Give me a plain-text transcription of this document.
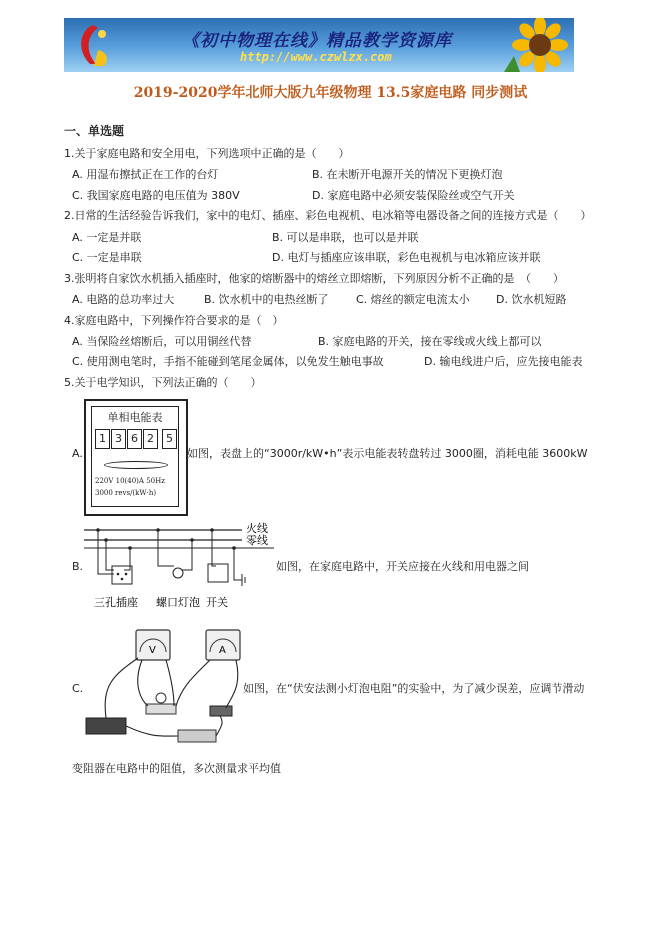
《初中物理在线》精品教学资源库
http://www.czwlzx.com
2019-2020学年北师大版九年级物理 13.5家庭电路 同步测试
一、单选题
1.关于家庭电路和安全用电，下列选项中正确的是（　　）
A. 用湿布擦拭正在工作的台灯	B. 在未断开电源开关的情况下更换灯泡
C. 我国家庭电路的电压值为 380V	D. 家庭电路中必须安装保险丝或空气开关
2.日常的生活经验告诉我们，家中的电灯、插座、彩色电视机、电冰箱等电器设备之间的连接方式是（　　）
A. 一定是并联	B. 可以是串联，也可以是并联
C. 一定是串联	D. 电灯与插座应该串联，彩色电视机与电冰箱应该并联
3.张明将自家饮水机插入插座时，他家的熔断器中的熔丝立即熔断，下列原因分析不正确的是　（　　）
A. 电路的总功率过大	B. 饮水机中的电热丝断了 C. 熔丝的额定电流太小 D. 饮水机短路
4.家庭电路中，下列操作符合要求的是（　）
A. 当保险丝熔断后，可以用铜丝代替	B. 家庭电路的开关，接在零线或火线上都可以
C. 使用测电笔时，手指不能碰到笔尾金属体，以免发生触电事故	D. 输电线进户后，应先接电能表
5.关于电学知识，下列法正确的（　　）
A.
单相电能表
1 3 6 2	5
220V 10(40)A 50Hz
3000 revs/(kW·h)
如图，表盘上的“3000r/kW•h”表示电能表转盘转过 3000圈，消耗电能 3600kW
B.
火线
零线
三孔插座 螺口灯泡 开关
如图，在家庭电路中，开关应接在火线和用电器之间
C.
V	A
如图，在“伏安法测小灯泡电阻”的实验中，为了减少误差，应调节滑动
变阻器在电路中的阻值，多次测量求平均值
